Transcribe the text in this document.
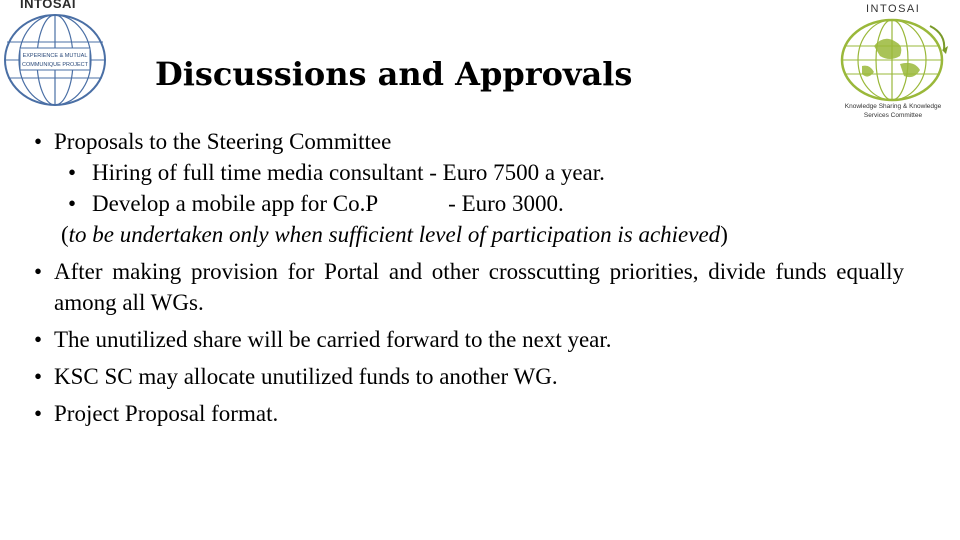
INTOSAI
EXPERIENCE & MUTUAL
COMMUNIQUE PROJECT
INTOSAI
Knowledge Sharing & Knowledge
Services Committee
Discussions and Approvals
• Proposals to the Steering Committee
• Hiring of full time media consultant - Euro 7500 a year.
• Develop a mobile app for Co.P	- Euro 3000.
(to be undertaken only when sufficient level of participation is achieved)
• After making provision for Portal and other crosscutting priorities, divide funds equally among all WGs.
• The unutilized share will be carried forward to the next year.
• KSC SC may allocate unutilized funds to another WG.
• Project Proposal format.
